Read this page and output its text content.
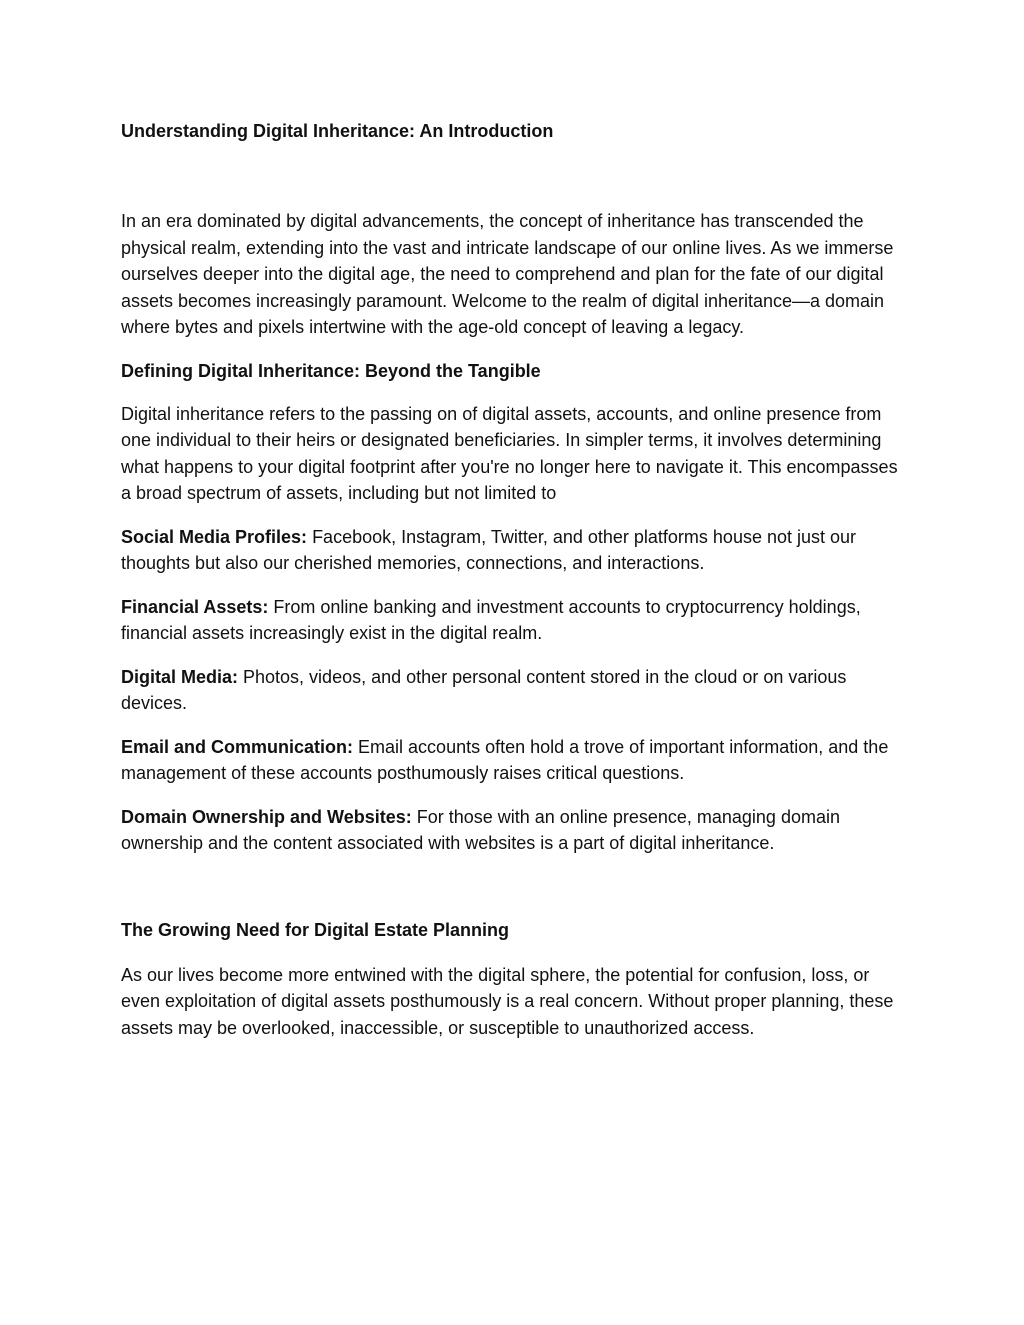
Understanding Digital Inheritance: An Introduction

In an era dominated by digital advancements, the concept of inheritance has transcended the physical realm, extending into the vast and intricate landscape of our online lives. As we immerse ourselves deeper into the digital age, the need to comprehend and plan for the fate of our digital assets becomes increasingly paramount. Welcome to the realm of digital inheritance—a domain where bytes and pixels intertwine with the age-old concept of leaving a legacy.

Defining Digital Inheritance: Beyond the Tangible

Digital inheritance refers to the passing on of digital assets, accounts, and online presence from one individual to their heirs or designated beneficiaries. In simpler terms, it involves determining what happens to your digital footprint after you're no longer here to navigate it. This encompasses a broad spectrum of assets, including but not limited to

Social Media Profiles: Facebook, Instagram, Twitter, and other platforms house not just our thoughts but also our cherished memories, connections, and interactions.

Financial Assets: From online banking and investment accounts to cryptocurrency holdings, financial assets increasingly exist in the digital realm.

Digital Media: Photos, videos, and other personal content stored in the cloud or on various devices.

Email and Communication: Email accounts often hold a trove of important information, and the management of these accounts posthumously raises critical questions.

Domain Ownership and Websites: For those with an online presence, managing domain ownership and the content associated with websites is a part of digital inheritance.

The Growing Need for Digital Estate Planning

As our lives become more entwined with the digital sphere, the potential for confusion, loss, or even exploitation of digital assets posthumously is a real concern. Without proper planning, these assets may be overlooked, inaccessible, or susceptible to unauthorized access.
